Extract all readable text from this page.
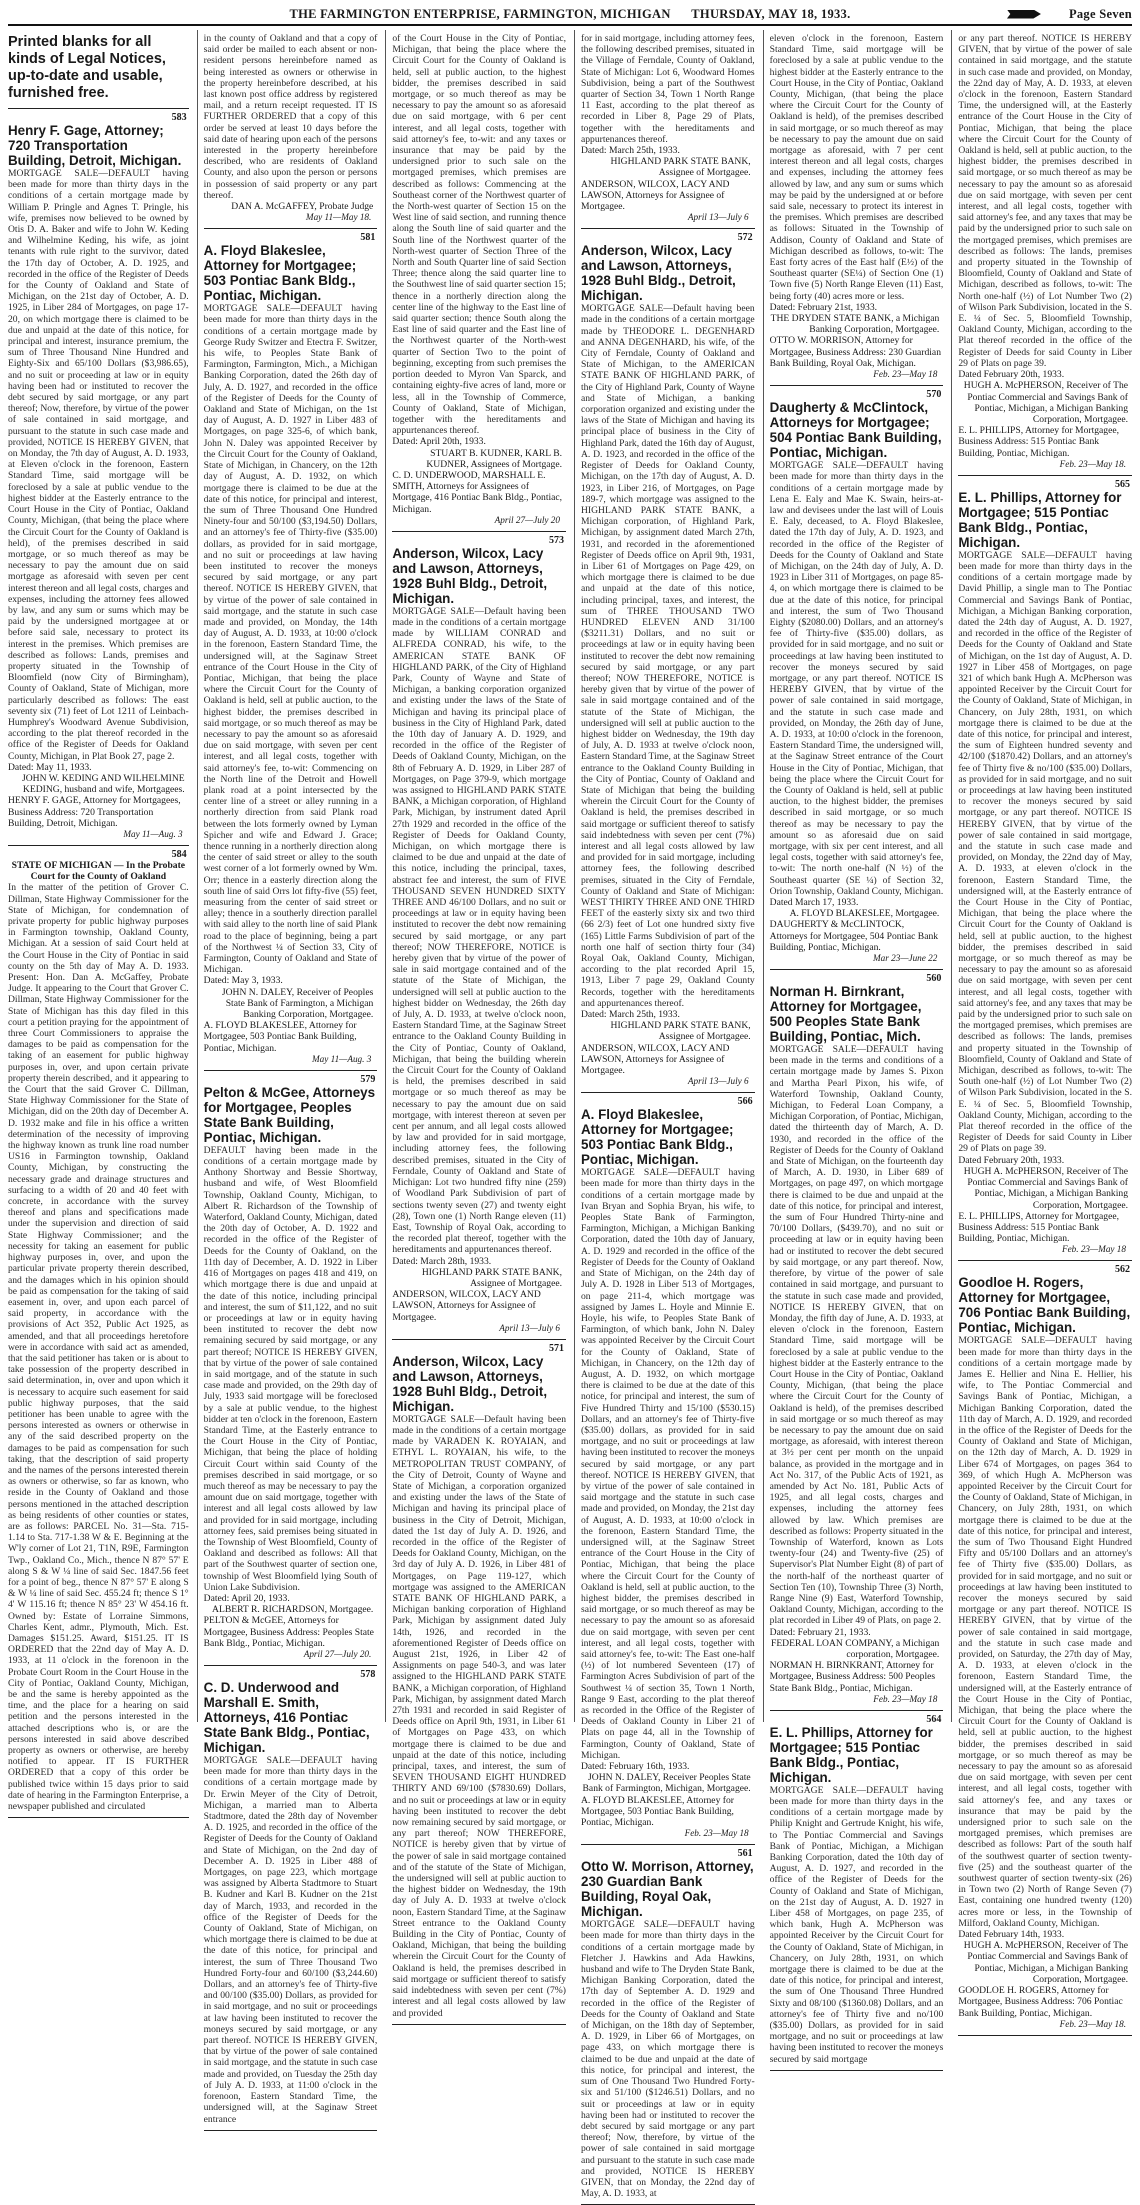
THE FARMINGTON ENTERPRISE, FARMINGTON, MICHIGAN THURSDAY, MAY 18, 1933.	Page Seven
Printed blanks for all kinds of Legal Notices, up-to-date and usable, furnished free.
583
Henry F. Gage, Attorney; 720 Transportation Building, Detroit, Michigan.
MORTGAGE SALE—DEFAULT having been made for more than thirty days in the conditions of a certain mortgage made by William P. Pringle and Agnes T. Pringle, his wife, premises now believed to be owned by Otis D. A. Baker and wife to John W. Keding and Wilhelmine Keding, his wife, as joint tenants with rule right to the survivor, dated the 17th day of October, A. D. 1925, and recorded in the office of the Register of Deeds for the County of Oakland and State of Michigan, on the 21st day of October, A. D. 1925, in Liber 284 of Mortgages, on page 17-20, on which mortgage there is claimed to be due and unpaid at the date of this notice, for principal and interest, insurance premium, the sum of Three Thousand Nine Hundred and Eighty-Six and 65/100 Dollars ($3,986.65), and no suit or proceeding at law or in equity having been had or instituted to recover the debt secured by said mortgage, or any part thereof; Now, therefore, by virtue of the power of sale contained in said mortgage, and pursuant to the statute in such case made and provided, NOTICE IS HEREBY GIVEN, that on Monday, the 7th day of August, A. D. 1933, at Eleven o'clock in the forenoon, Eastern Standard Time, said mortgage will be foreclosed by a sale at public vendue to the highest bidder at the Easterly entrance to the Court House in the City of Pontiac, Oakland County, Michigan, (that being the place where the Circuit Court for the County of Oakland is held), of the premises described in said mortgage, or so much thereof as may be necessary to pay the amount due on said mortgage as aforesaid with seven per cent interest thereon and all legal costs, charges and expenses, including the attorney fees allowed by law, and any sum or sums which may be paid by the undersigned mortgagee at or before said sale, necessary to protect its interest in the premises. Which premises are described as follows: Lands, premises and property situated in the Township of Bloomfield (now City of Birmingham), County of Oakland, State of Michigan, more particularly described as follows: The east seventy six (71) feet of Lot 1211 of Leinbach-Humphrey's Woodward Avenue Subdivision, according to the plat thereof recorded in the office of the Register of Deeds for Oakland County, Michigan, in Plat Book 27, page 2.
Dated: May 11, 1933.
JOHN W. KEDING AND WILHELMINE KEDING, husband and wife, Mortgagees.
HENRY F. GAGE, Attorney for Mortgagees, Business Address: 720 Transportation Building, Detroit, Michigan.
May 11—Aug. 3
584
STATE OF MICHIGAN — In the Probate Court for the County of Oakland
In the matter of the petition of Grover C. Dillman, State Highway Commissioner for the State of Michigan, for condemnation of private property for public highway purposes in Farmington township, Oakland County, Michigan. At a session of said Court held at the Court House in the City of Pontiac in said county on the 5th day of May A. D. 1933. Present: Hon. Dan A. McGaffey, Probate Judge. It appearing to the Court that Grover C. Dillman, State Highway Commissioner for the State of Michigan has this day filed in this court a petition praying for the appointment of three Court Commissioners to appraise the damages to be paid as compensation for the taking of an easement for public highway purposes in, over, and upon certain private property therein described, and it appearing to the Court that the said Grover C. Dillman, State Highway Commissioner for the State of Michigan, did on the 20th day of December A. D. 1932 make and file in his office a written determination of the necessity of improving the highway known as trunk line road number US16 in Farmington township, Oakland County, Michigan, by constructing the necessary grade and drainage structures and surfacing to a width of 20 and 40 feet with concrete, in accordance with the survey thereof and plans and specifications made under the supervision and direction of said State Highway Commissioner; and the necessity for taking an easement for public highway purposes in, over, and upon the particular private property therein described, and the damages which in his opinion should be paid as compensation for the taking of said easement in, over, and upon each parcel of said property, in accordance with the provisions of Act 352, Public Act 1925, as amended, and that all proceedings heretofore were in accordance with said act as amended, that the said petitioner has taken or is about to take possession of the property described in said determination, in, over and upon which it is necessary to acquire such easement for said public highway purposes, that the said petitioner has been unable to agree with the persons interested as owners or otherwise in any of the said described property on the damages to be paid as compensation for such taking, that the description of said property and the names of the persons interested therein as owners or otherwise, so far as known, who reside in the County of Oakland and those persons mentioned in the attached description as being residents of other counties or states, are as follows: PARCEL No. 31—Sta. 715-1.14 to Sta. 717-1.38 W & E. Beginning at the W'ly corner of Lot 21, T1N, R9E, Farmington Twp., Oakland Co., Mich., thence N 87° 57' E along S & W ¼ line of said Sec. 1847.56 feet for a point of beg., thence N 87° 57' E along S & W ¼ line of said Sec. 455.24 ft; thence S 1° 4' W 115.16 ft; thence N 85° 23' W 454.16 ft. Owned by: Estate of Lorraine Simmons, Charles Kent, admr., Plymouth, Mich. Est. Damages $151.25. Award, $151.25. IT IS ORDERED that the 22nd day of May A. D. 1933, at 11 o'clock in the forenoon in the Probate Court Room in the Court House in the City of Pontiac, Oakland County, Michigan, be and the same is hereby appointed as the time, and the place for a hearing on said petition and the persons interested in the attached descriptions who is, or are the persons interested in said above described property as owners or otherwise, are hereby notified to appear. IT IS FURTHER ORDERED that a copy of this order be published twice within 15 days prior to said date of hearing in the Farmington Enterprise, a newspaper published and circulated
in the county of Oakland and that a copy of said order be mailed to each absent or non-resident persons hereinbefore named as being interested as owners or otherwise in the property hereinbefore described, at his last known post office address by registered mail, and a return receipt requested. IT IS FURTHER ORDERED that a copy of this order be served at least 10 days before the said date of hearing upon each of the persons interested in the property hereinbefore described, who are residents of Oakland County, and also upon the person or persons in possession of said property or any part thereof.
DAN A. McGAFFEY, Probate Judge
May 11—May 18.
581
A. Floyd Blakeslee, Attorney for Mortgagee; 503 Pontiac Bank Bldg., Pontiac, Michigan.
MORTGAGE SALE—DEFAULT having been made for more than thirty days in the conditions of a certain mortgage made by George Rudy Switzer and Etectra F. Switzer, his wife, to Peoples State Bank of Farmington, Farmington, Mich., a Michigan Banking Corporation, dated the 26th day of July, A. D. 1927, and recorded in the office of the Register of Deeds for the County of Oakland and State of Michigan, on the 1st day of August, A. D. 1927 in Liber 483 of Mortgages, on page 325-6, of which bank, John N. Daley was appointed Receiver by the Circuit Court for the County of Oakland, State of Michigan, in Chancery, on the 12th day of August, A. D. 1932, on which mortgage there is claimed to be due at the date of this notice, for principal and interest, the sum of Three Thousand One Hundred Ninety-four and 50/100 ($3,194.50) Dollars, and an attorney's fee of Thirty-five ($35.00) dollars, as provided for in said mortgage, and no suit or proceedings at law having been instituted to recover the moneys secured by said mortgage, or any part thereof. NOTICE IS HEREBY GIVEN, that by virtue of the power of sale contained in said mortgage, and the statute in such case made and provided, on Monday, the 14th day of August, A. D. 1933, at 10:00 o'clock in the forenoon, Eastern Standard Time, the undersigned will, at the Saginaw Street entrance of the Court House in the City of Pontiac, Michigan, that being the place where the Circuit Court for the County of Oakland is held, sell at public auction, to the highest bidder, the premises described in said mortgage, or so much thereof as may be necessary to pay the amount so as aforesaid due on said mortgage, with seven per cent interest, and all legal costs, together with said attorney's fee, to-wit: Commencing on the North line of the Detroit and Howell plank road at a point intersected by the center line of a street or alley running in a northerly direction from said Plank road between the lots formerly owned by Lyman Spicher and wife and Edward J. Grace; thence running in a northerly direction along the center of said street or alley to the south west corner of a lot formerly owned by Wm. Orr; thence in a easterly direction along the south line of said Orrs lot fifty-five (55) feet, measuring from the center of said street or alley; thence in a southerly direction parallel with said alley to the north line of said Plank road to the place of beginning, being a part of the Northwest ¼ of Section 33, City of Farmington, County of Oakland and State of Michigan.
Dated: May 3, 1933.
JOHN N. DALEY, Receiver of Peoples State Bank of Farmington, a Michigan Banking Corporation, Mortgagee.
A. FLOYD BLAKESLEE, Attorney for Mortgagee, 503 Pontiac Bank Building, Pontiac, Michigan.
May 11—Aug. 3
579
Pelton & McGee, Attorneys for Mortgagee, Peoples State Bank Building, Pontiac, Michigan.
DEFAULT having been made in the conditions of a certain mortgage made by Anthony Shortway and Bessie Shortway, husband and wife, of West Bloomfield Township, Oakland County, Michigan, to Albert R. Richardson of the Township of Waterford, Oakland County, Michigan, dated the 20th day of October, A. D. 1922 and recorded in the office of the Register of Deeds for the County of Oakland, on the 11th day of December, A. D. 1922 in Liber 416 of Mortgages on pages 418 and 419, on which mortgage there is due and unpaid at the date of this notice, including principal and interest, the sum of $11,122, and no suit or proceedings at law or in equity having been instituted to recover the debt now remaining secured by said mortgage, or any part thereof; NOTICE IS HEREBY GIVEN, that by virtue of the power of sale contained in said mortgage, and of the statute in such case made and provided, on the 29th day of July, 1933 said mortgage will be foreclosed by a sale at public vendue, to the highest bidder at ten o'clock in the forenoon, Eastern Standard Time, at the Easterly entrance to the Court House in the City of Pontiac, Michigan, that being the place of holding Circuit Court within said County of the premises described in said mortgage, or so much thereof as may be necessary to pay the amount due on said mortgage, together with interest and all legal costs allowed by law and provided for in said mortgage, including attorney fees, said premises being situated in the Township of West Bloomfield, County of Oakland and described as follows: All that part of the Southwest quarter of section one, township of West Bloomfield lying South of Union Lake Subdivision.
Dated: April 20, 1933.
ALBERT R. RICHARDSON, Mortgagee.
PELTON & McGEE, Attorneys for Mortgagee, Business Address: Peoples State Bank Bldg., Pontiac, Michigan.
April 27—July 20.
578
C. D. Underwood and Marshall E. Smith, Attorneys, 416 Pontiac State Bank Bldg., Pontiac, Michigan.
MORTGAGE SALE—DEFAULT having been made for more than thirty days in the conditions of a certain mortgage made by Dr. Erwin Meyer of the City of Detroit, Michigan, a married man to Alberta Stadtmore, dated the 28th day of November A. D. 1925, and recorded in the office of the Register of Deeds for the County of Oakland and State of Michigan, on the 2nd day of December A. D. 1925 in Liber 488 of Mortgages, on page 223, which mortgage was assigned by Alberta Stadtmore to Stuart B. Kudner and Karl B. Kudner on the 21st day of March, 1933, and recorded in the office of the Register of Deeds for the County of Oakland, State of Michigan, on which mortgage there is claimed to be due at the date of this notice, for principal and interest, the sum of Three Thousand Two Hundred Forty-four and 60/100 ($3,244.60) Dollars, and an attorney's fee of Thirty-five and 00/100 ($35.00) Dollars, as provided for in said mortgage, and no suit or proceedings at law having been instituted to recover the moneys secured by said mortgage, or any part thereof. NOTICE IS HEREBY GIVEN, that by virtue of the power of sale contained in said mortgage, and the statute in such case made and provided, on Tuesday the 25th day of July A. D. 1933, at 11:00 o'clock in the forenoon, Eastern Standard Time, the undersigned will, at the Saginaw Street entrance
of the Court House in the City of Pontiac, Michigan, that being the place where the Circuit Court for the County of Oakland is held, sell at public auction, to the highest bidder, the premises described in said mortgage, or so much thereof as may be necessary to pay the amount so as aforesaid due on said mortgage, with 6 per cent interest, and all legal costs, together with said attorney's fee, to-wit: and any taxes or insurance that may be paid by the undersigned prior to such sale on the mortgaged premises, which premises are described as follows: Commencing at the Southeast corner of the Northwest quarter of the North-west quarter of Section 15 on the West line of said section, and running thence along the South line of said quarter and the South line of the Northwest quarter of the North-west quarter of Section Three of the North and South Quarter line of said Section Three; thence along the said quarter line to the Southwest line of said quarter section 15; thence in a northerly direction along the center line of the highway to the East line of said quarter section; thence South along the East line of said quarter and the East line of the Northwest quarter of the North-west quarter of Section Two to the point of beginning, excepting from such premises the portion deeded to Myron Van Sparck, and containing eighty-five acres of land, more or less, all in the Township of Commerce, County of Oakland, State of Michigan, together with the hereditaments and appurtenances thereof.
Dated: April 20th, 1933.
STUART B. KUDNER, KARL B. KUDNER, Assignees of Mortgage.
C. D. UNDERWOOD, MARSHALL E. SMITH, Attorneys for Assignees of Mortgage, 416 Pontiac Bank Bldg., Pontiac, Michigan.
April 27—July 20
573
Anderson, Wilcox, Lacy and Lawson, Attorneys, 1928 Buhl Bldg., Detroit, Michigan.
MORTGAGE SALE—Default having been made in the conditions of a certain mortgage made by WILLIAM CONRAD and ALFREDA CONRAD, his wife, to the AMERICAN STATE BANK OF HIGHLAND PARK, of the City of Highland Park, County of Wayne and State of Michigan, a banking corporation organized and existing under the laws of the State of Michigan and having its principal place of business in the City of Highland Park, dated the 10th day of January A. D. 1929, and recorded in the office of the Register of Deeds of Oakland County, Michigan, on the 8th of February A. D. 1929, in Liber 287 of Mortgages, on Page 379-9, which mortgage was assigned to HIGHLAND PARK STATE BANK, a Michigan corporation, of Highland Park, Michigan, by instrument dated April 27th 1929 and recorded in the office of the Register of Deeds for Oakland County, Michigan, on which mortgage there is claimed to be due and unpaid at the date of this notice, including the principal, taxes, abstract fee and interest, the sum of FIVE THOUSAND SEVEN HUNDRED SIXTY THREE AND 46/100 Dollars, and no suit or proceedings at law or in equity having been instituted to recover the debt now remaining secured by said mortgage, or any part thereof; NOW THEREFORE, NOTICE is hereby given that by virtue of the power of sale in said mortgage contained and of the statute of the State of Michigan, the undersigned will sell at public auction to the highest bidder on Wednesday, the 26th day of July, A. D. 1933, at twelve o'clock noon, Eastern Standard Time, at the Saginaw Street entrance to the Oakland County Building in the City of Pontiac, County of Oakland, Michigan, that being the building wherein the Circuit Court for the County of Oakland is held, the premises described in said mortgage or so much thereof as may be necessary to pay the amount due on said mortgage, with interest thereon at seven per cent per annum, and all legal costs allowed by law and provided for in said mortgage, including attorney fees, the following described premises, situated in the City of Ferndale, County of Oakland and State of Michigan: Lot two hundred fifty nine (259) of Woodland Park Subdivision of part of sections twenty seven (27) and twenty eight (28), Town one (1) North Range eleven (11) East, Township of Royal Oak, according to the recorded plat thereof, together with the hereditaments and appurtenances thereof.
Dated: March 28th, 1933.
HIGHLAND PARK STATE BANK, Assignee of Mortgagee.
ANDERSON, WILCOX, LACY AND LAWSON, Attorneys for Assignee of Mortgagee.
April 13—July 6
571
Anderson, Wilcox, Lacy and Lawson, Attorneys, 1928 Buhl Bldg., Detroit, Michigan.
MORTGAGE SALE—Default having been made in the conditions of a certain mortgage made by VARADEN K. ROYAIAN, and ETHYL L. ROYAIAN, his wife, to the METROPOLITAN TRUST COMPANY, of the City of Detroit, County of Wayne and State of Michigan, a corporation organized and existing under the laws of the State of Michigan and having its principal place of business in the City of Detroit, Michigan, dated the 1st day of July A. D. 1926, and recorded in the office of the Register of Deeds for Oakland County, Michigan, on the 3rd day of July A. D. 1926, in Liber 481 of Mortgages, on Page 119-127, which mortgage was assigned to the AMERICAN STATE BANK OF HIGHLAND PARK, a Michigan banking corporation of Highland Park, Michigan by assignment dated July 14th, 1926, and recorded in the aforementioned Register of Deeds office on August 21st, 1926, in Liber 42 of Assignments on page 540-3, and was later assigned to the HIGHLAND PARK STATE BANK, a Michigan corporation, of Highland Park, Michigan, by assignment dated March 27th 1931 and recorded in said Register of Deeds office on April 9th, 1931, in Liber 61 of Mortgages on Page 433, on which mortgage there is claimed to be due and unpaid at the date of this notice, including principal, taxes, and interest, the sum of SEVEN THOUSAND EIGHT HUNDRED THIRTY AND 69/100 ($7830.69) Dollars, and no suit or proceedings at law or in equity having been instituted to recover the debt now remaining secured by said mortgage, or any part thereof; NOW THEREFORE, NOTICE is hereby given that by virtue of the power of sale in said mortgage contained and of the statute of the State of Michigan, the undersigned will sell at public auction to the highest bidder on Wednesday, the 19th day of July A. D. 1933 at twelve o'clock noon, Eastern Standard Time, at the Saginaw Street entrance to the Oakland County Building in the City of Pontiac, County of Oakland, Michigan, that being the building wherein the Circuit Court for the County of Oakland is held, the premises described in said mortgage or sufficient thereof to satisfy said indebtedness with seven per cent (7%) interest and all legal costs allowed by law and provided
for in said mortgage, including attorney fees, the following described premises, situated in the Village of Ferndale, County of Oakland, State of Michigan: Lot 6, Woodward Homes Subdivision, being a part of the Southwest quarter of Section 34, Town 1 North Range 11 East, according to the plat thereof as recorded in Liber 8, Page 29 of Plats, together with the hereditaments and appurtenances thereof.
Dated: March 25th, 1933.
HIGHLAND PARK STATE BANK, Assignee of Mortgagee.
ANDERSON, WILCOX, LACY AND LAWSON, Attorneys for Assignee of Mortgagee.
April 13—July 6
572
Anderson, Wilcox, Lacy and Lawson, Attorneys, 1928 Buhl Bldg., Detroit, Michigan.
MORTGAGE SALE—Default having been made in the conditions of a certain mortgage made by THEODORE L. DEGENHARD and ANNA DEGENHARD, his wife, of the City of Ferndale, County of Oakland and State of Michigan, to the AMERICAN STATE BANK OF HIGHLAND PARK, of the City of Highland Park, County of Wayne and State of Michigan, a banking corporation organized and existing under the laws of the State of Michigan and having its principal place of business in the City of Highland Park, dated the 16th day of August, A. D. 1923, and recorded in the office of the Register of Deeds for Oakland County, Michigan, on the 17th day of August, A. D. 1923, in Liber 216, of Mortgages, on Page 189-7, which mortgage was assigned to the HIGHLAND PARK STATE BANK, a Michigan corporation, of Highland Park, Michigan, by assignment dated March 27th, 1931, and recorded in the aforementioned Register of Deeds office on April 9th, 1931, in Liber 61 of Mortgages on Page 429, on which mortgage there is claimed to be due and unpaid at the date of this notice, including principal, taxes, and interest, the sum of THREE THOUSAND TWO HUNDRED ELEVEN AND 31/100 ($3211.31) Dollars, and no suit or proceedings at law or in equity having been instituted to recover the debt now remaining secured by said mortgage, or any part thereof; NOW THEREFORE, NOTICE is hereby given that by virtue of the power of sale in said mortgage contained and of the statute of the State of Michigan, the undersigned will sell at public auction to the highest bidder on Wednesday, the 19th day of July, A. D. 1933 at twelve o'clock noon, Eastern Standard Time, at the Saginaw Street entrance to the Oakland County Building in the City of Pontiac, County of Oakland and State of Michigan that being the building wherein the Circuit Court for the County of Oakland is held, the premises described in said mortgage or sufficient thereof to satisfy said indebtedness with seven per cent (7%) interest and all legal costs allowed by law and provided for in said mortgage, including attorney fees, the following described premises, situated in the City of Ferndale, County of Oakland and State of Michigan: WEST THIRTY THREE AND ONE THIRD FEET of the easterly sixty six and two third (66 2/3) feet of Lot one hundred sixty five (165) Little Farms Subdivision of part of the north one half of section thirty four (34) Royal Oak, Oakland County, Michigan, according to the plat recorded April 15, 1913, Liber 7 page 29, Oakland County Records, together with the hereditaments and appurtenances thereof.
Dated: March 25th, 1933.
HIGHLAND PARK STATE BANK, Assignee of Mortgagee.
ANDERSON, WILCOX, LACY AND LAWSON, Attorneys for Assignee of Mortgagee.
April 13—July 6
566
A. Floyd Blakeslee, Attorney for Mortgagee; 503 Pontiac Bank Bldg., Pontiac, Michigan.
MORTGAGE SALE—DEFAULT having been made for more than thirty days in the conditions of a certain mortgage made by Ivan Bryan and Sophia Bryan, his wife, to Peoples State Bank of Farmington, Farmington, Michigan, a Michigan Banking Corporation, dated the 10th day of January, A. D. 1929 and recorded in the office of the Register of Deeds for the County of Oakland and State of Michigan, on the 24th day of July A. D. 1928 in Liber 513 of Mortgages, on page 211-4, which mortgage was assigned by James L. Hoyle and Minnie E. Hoyle, his wife, to Peoples State Bank of Farmington, of which bank, John N. Daley was appointed Receiver by the Circuit Court for the County of Oakland, State of Michigan, in Chancery, on the 12th day of August, A. D. 1932, on which mortgage there is claimed to be due at the date of this notice, for principal and interest, the sum of Five Hundred Thirty and 15/100 ($530.15) Dollars, and an attorney's fee of Thirty-five ($35.00) dollars, as provided for in said mortgage, and no suit or proceedings at law having been instituted to recover the moneys secured by said mortgage, or any part thereof. NOTICE IS HEREBY GIVEN, that by virtue of the power of sale contained in said mortgage and the statute in such case made and provided, on Monday, the 21st day of August, A. D. 1933, at 10:00 o'clock in the forenoon, Eastern Standard Time, the undersigned will, at the Saginaw Street entrance of the Court House in the City of Pontiac, Michigan, that being the place where the Circuit Court for the County of Oakland is held, sell at public auction, to the highest bidder, the premises described in said mortgage, or so much thereof as may be necessary to pay the amount so as aforesaid due on said mortgage, with seven per cent interest, and all legal costs, together with said attorney's fee, to-wit: The East one-half (½) of lot numbered Seventeen (17) of Farmington Acres Subdivision of part of the Southwest ¼ of section 35, Town 1 North, Range 9 East, according to the plat thereof as recorded in the Office of the Register of Deeds of Oakland County in Liber 21 of Plats on page 44, all in the Township of Farmington, County of Oakland, State of Michigan.
Dated: February 16th, 1933.
JOHN N. DALEY, Receiver Peoples State Bank of Farmington, Michigan, Mortgagee.
A. FLOYD BLAKESLEE, Attorney for Mortgagee, 503 Pontiac Bank Building, Pontiac, Michigan.
Feb. 23—May 18
561
Otto W. Morrison, Attorney, 230 Guardian Bank Building, Royal Oak, Michigan.
MORTGAGE SALE—DEFAULT having been made for more than thirty days in the conditions of a certain mortgage made by Fletcher J. Hawkins and Ada Hawkins, husband and wife to The Dryden State Bank, Michigan Banking Corporation, dated the 17th day of September A. D. 1929 and recorded in the office of the Register of Deeds for the County of Oakland and State of Michigan, on the 18th day of September, A. D. 1929, in Liber 66 of Mortgages, on page 433, on which mortgage there is claimed to be due and unpaid at the date of this notice, for principal and interest, the sum of One Thousand Two Hundred Forty-six and 51/100 ($1246.51) Dollars, and no suit or proceedings at law or in equity having been had or instituted to recover the debt secured by said mortgage or any part thereof; Now, therefore, by virtue of the power of sale contained in said mortgage and pursuant to the statute in such case made and provided, NOTICE IS HEREBY GIVEN, that on Monday, the 22nd day of May, A. D. 1933, at
eleven o'clock in the forenoon, Eastern Standard Time, said mortgage will be foreclosed by a sale at public vendue to the highest bidder at the Easterly entrance to the Court House, in the City of Pontiac, Oakland County, Michigan, (that being the place where the Circuit Court for the County of Oakland is held), of the premises described in said mortgage, or so much thereof as may be necessary to pay the amount due on said mortgage as aforesaid, with 7 per cent interest thereon and all legal costs, charges and expenses, including the attorney fees allowed by law, and any sum or sums which may be paid by the undersigned at or before said sale, necessary to protect its interest in the premises. Which premises are described as follows: Situated in the Township of Addison, County of Oakland and State of Michigan described as follows, to-wit: The East forty acres of the East half (E½) of the Southeast quarter (SE¼) of Section One (1) Town five (5) North Range Eleven (11) East, being forty (40) acres more or less.
Dated: February 21st, 1933.
THE DRYDEN STATE BANK, a Michigan Banking Corporation, Mortgagee.
OTTO W. MORRISON, Attorney for Mortgagee, Business Address: 230 Guardian Bank Building, Royal Oak, Michigan.
Feb. 23—May 18
570
Daugherty & McClintock, Attorneys for Mortgagee; 504 Pontiac Bank Building, Pontiac, Michigan.
MORTGAGE SALE—DEFAULT having been made for more than thirty days in the conditions of a certain mortgage made by Lena E. Ealy and Mae K. Swain, heirs-at-law and devisees under the last will of Louis E. Ealy, deceased, to A. Floyd Blakeslee, dated the 17th day of July, A. D. 1923, and recorded in the office of the Register of Deeds for the County of Oakland and State of Michigan, on the 24th day of July, A. D. 1923 in Liber 311 of Mortgages, on page 85-4, on which mortgage there is claimed to be due at the date of this notice, for principal and interest, the sum of Two Thousand Eighty ($2080.00) Dollars, and an attorney's fee of Thirty-five ($35.00) dollars, as provided for in said mortgage, and no suit or proceedings at law having been instituted to recover the moneys secured by said mortgage, or any part thereof. NOTICE IS HEREBY GIVEN, that by virtue of the power of sale contained in said mortgage, and the statute in such case made and provided, on Monday, the 26th day of June, A. D. 1933, at 10:00 o'clock in the forenoon, Eastern Standard Time, the undersigned will, at the Saginaw Street entrance of the Court House in the City of Pontiac, Michigan, that being the place where the Circuit Court for the County of Oakland is held, sell at public auction, to the highest bidder, the premises described in said mortgage, or so much thereof as may be necessary to pay the amount so as aforesaid due on said mortgage, with six per cent interest, and all legal costs, together with said attorney's fee, to-wit: The north one-half (N ½) of the Southeast quarter (SE ¼) of Section 32, Orion Township, Oakland County, Michigan.
Dated March 17, 1933.
A. FLOYD BLAKESLEE, Mortgagee.
DAUGHERTY & McCLINTOCK, Attorneys for Mortgagee, 504 Pontiac Bank Building, Pontiac, Michigan.
Mar 23—June 22
560
Norman H. Birnkrant, Attorney for Mortgagee, 500 Peoples State Bank Building, Pontiac, Mich.
MORTGAGE SALE—DEFAULT having been made in the terms and conditions of a certain mortgage made by James S. Pixon and Martha Pearl Pixon, his wife, of Waterford Township, Oakland County, Michigan, to Federal Loan Company, a Michigan Corporation, of Pontiac, Michigan, dated the thirteenth day of March, A. D. 1930, and recorded in the office of the Register of Deeds for the County of Oakland and State of Michigan, on the fourteenth day of March, A. D. 1930, in Liber 689 of Mortgages, on page 497, on which mortgage there is claimed to be due and unpaid at the date of this notice, for principal and interest, the sum of Four Hundred Thirty-nine and 70/100 Dollars, ($439.70), and no suit or proceeding at law or in equity having been had or instituted to recover the debt secured by said mortgage, or any part thereof. Now, therefore, by virtue of the power of sale contained in said mortgage, and pursuant to the statute in such case made and provided, NOTICE IS HEREBY GIVEN, that on Monday, the fifth day of June, A. D. 1933, at eleven o'clock in the forenoon, Eastern Standard Time, said mortgage will be foreclosed by a sale at public vendue to the highest bidder at the Easterly entrance to the Court House in the City of Pontiac, Oakland County, Michigan, (that being the place where the Circuit Court for the County of Oakland is held), of the premises described in said mortgage or so much thereof as may be necessary to pay the amount due on said mortgage, as aforesaid, with interest thereon at 3½ per cent per month on the unpaid balance, as provided in the mortgage and in Act No. 317, of the Public Acts of 1921, as amended by Act No. 181, Public Acts of 1925, and all legal costs, charges and expenses, including the attorney fees allowed by law. Which premises are described as follows: Property situated in the Township of Waterford, known as Lots twenty-four (24) and Twenty-five (25) of Supervisor's Plat Number Eight (8) of part of the north-half of the northeast quarter of Section Ten (10), Township Three (3) North, Range Nine (9) East, Waterford Township, Oakland County, Michigan, according to the plat recorded in Liber 49 of Plats, on page 2.
Dated: February 21, 1933.
FEDERAL LOAN COMPANY, a Michigan corporation, Mortgagee.
NORMAN H. BIRNKRANT, Attorney for Mortgagee, Business Address: 500 Peoples State Bank Bldg., Pontiac, Michigan.
Feb. 23—May 18
564
E. L. Phillips, Attorney for Mortgagee; 515 Pontiac Bank Bldg., Pontiac, Michigan.
MORTGAGE SALE—DEFAULT having been made for more than thirty days in the conditions of a certain mortgage made by Philip Knight and Gertrude Knight, his wife, to The Pontiac Commercial and Savings Bank of Pontiac, Michigan, a Michigan Banking Corporation, dated the 10th day of August, A. D. 1927, and recorded in the office of the Register of Deeds for the County of Oakland and State of Michigan, on the 21st day of August, A. D. 1927 in Liber 458 of Mortgages, on page 235, of which bank, Hugh A. McPherson was appointed Receiver by the Circuit Court for the County of Oakland, State of Michigan, in Chancery, on July 28th, 1931, on which mortgage there is claimed to be due at the date of this notice, for principal and interest, the sum of One Thousand Three Hundred Sixty and 08/100 ($1360.08) Dollars, and an attorney's fee of Thirty five and no/100 ($35.00) Dollars, as provided for in said mortgage, and no suit or proceedings at law having been instituted to recover the moneys secured by said mortgage
or any part thereof. NOTICE IS HEREBY GIVEN, that by virtue of the power of sale contained in said mortgage, and the statute in such case made and provided, on Monday, the 22nd day of May, A. D. 1933, at eleven o'clock in the forenoon, Eastern Standard Time, the undersigned will, at the Easterly entrance of the Court House in the City of Pontiac, Michigan, that being the place where the Circuit Court for the County of Oakland is held, sell at public auction, to the highest bidder, the premises described in said mortgage, or so much thereof as may be necessary to pay the amount so as aforesaid due on said mortgage, with seven per cent interest, and all legal costs, together with said attorney's fee, and any taxes that may be paid by the undersigned prior to such sale on the mortgaged premises, which premises are described as follows: The lands, premises and property situated in the Township of Bloomfield, County of Oakland and State of Michigan, described as follows, to-wit: The North one-half (½) of Lot Number Two (2) of Wilson Park Subdivision, located in the S. E. ¼ of Sec. 5, Bloomfield Township, Oakland County, Michigan, according to the Plat thereof recorded in the office of the Register of Deeds for said County in Liber 29 of Plats on page 39.
Dated February 20th, 1933.
HUGH A. McPHERSON, Receiver of The Pontiac Commercial and Savings Bank of Pontiac, Michigan, a Michigan Banking Corporation, Mortgagee.
E. L. PHILLIPS, Attorney for Mortgagee, Business Address: 515 Pontiac Bank Building, Pontiac, Michigan.
Feb. 23—May 18.
565
E. L. Phillips, Attorney for Mortgagee; 515 Pontiac Bank Bldg., Pontiac, Michigan.
MORTGAGE SALE—DEFAULT having been made for more than thirty days in the conditions of a certain mortgage made by David Phillip, a single man to The Pontiac Commercial and Savings Bank of Pontiac, Michigan, a Michigan Banking corporation, dated the 24th day of August, A. D. 1927, and recorded in the office of the Register of Deeds for the County of Oakland and State of Michigan, on the 1st day of August, A. D. 1927 in Liber 458 of Mortgages, on page 321 of which bank Hugh A. McPherson was appointed Receiver by the Circuit Court for the County of Oakland, State of Michigan, in Chancery, on July 28th, 1931, on which mortgage there is claimed to be due at the date of this notice, for principal and interest, the sum of Eighteen hundred seventy and 42/100 ($1870.42) Dollars, and an attorney's fee of Thirty five & no/100 ($35.00) Dollars, as provided for in said mortgage, and no suit or proceedings at law having been instituted to recover the moneys secured by said mortgage, or any part thereof. NOTICE IS HEREBY GIVEN, that by virtue of the power of sale contained in said mortgage, and the statute in such case made and provided, on Monday, the 22nd day of May, A. D. 1933, at eleven o'clock in the forenoon, Eastern Standard Time, the undersigned will, at the Easterly entrance of the Court House in the City of Pontiac, Michigan, that being the place where the Circuit Court for the County of Oakland is held, sell at public auction, to the highest bidder, the premises described in said mortgage, or so much thereof as may be necessary to pay the amount so as aforesaid due on said mortgage, with seven per cent interest, and all legal costs, together with said attorney's fee, and any taxes that may be paid by the undersigned prior to such sale on the mortgaged premises, which premises are described as follows: The lands, premises and property situated in the Township of Bloomfield, County of Oakland and State of Michigan, described as follows, to-wit: The South one-half (½) of Lot Number Two (2) of Wilson Park Subdivision, located in the S. E. ¼ of Sec. 5, Bloomfield Township, Oakland County, Michigan, according to the Plat thereof recorded in the office of the Register of Deeds for said County in Liber 29 of Plats on page 39.
Dated February 20th, 1933.
HUGH A. McPHERSON, Receiver of The Pontiac Commercial and Savings Bank of Pontiac, Michigan, a Michigan Banking Corporation, Mortgagee.
E. L. PHILLIPS, Attorney for Mortgagee, Business Address: 515 Pontiac Bank Building, Pontiac, Michigan.
Feb. 23—May 18
562
Goodloe H. Rogers, Attorney for Mortgagee, 706 Pontiac Bank Building, Pontiac, Michigan.
MORTGAGE SALE—DEFAULT having been made for more than thirty days in the conditions of a certain mortgage made by James E. Hellier and Nina E. Hellier, his wife, to The Pontiac Commercial and Savings Bank of Pontiac, Michigan, a Michigan Banking Corporation, dated the 11th day of March, A. D. 1929, and recorded in the office of the Register of Deeds for the County of Oakland and State of Michigan, on the 12th day of March, A. D. 1929 in Liber 674 of Mortgages, on pages 364 to 369, of which Hugh A. McPherson was appointed Receiver by the Circuit Court for the County of Oakland, State of Michigan, in Chancery, on July 28th, 1931, on which mortgage there is claimed to be due at the date of this notice, for principal and interest, the sum of Two Thousand Eight Hundred Fifty and 05/100 Dollars and an attorney's fee of Thirty five ($35.00) Dollars, as provided for in said mortgage, and no suit or proceedings at law having been instituted to recover the moneys secured by said mortgage or any part thereof. NOTICE IS HEREBY GIVEN, that by virtue of the power of sale contained in said mortgage, and the statute in such case made and provided, on Saturday, the 27th day of May, A. D. 1933, at eleven o'clock in the forenoon, Eastern Standard Time, the undersigned will, at the Easterly entrance of the Court House in the City of Pontiac, Michigan, that being the place where the Circuit Court for the County of Oakland is held, sell at public auction, to the highest bidder, the premises described in said mortgage, or so much thereof as may be necessary to pay the amount so as aforesaid due on said mortgage, with seven per cent interest, and all legal costs, together with said attorney's fee, and any taxes or insurance that may be paid by the undersigned prior to such sale on the mortgaged premises, which premises are described as follows: Part of the south half of the southwest quarter of section twenty-five (25) and the southeast quarter of the southwest quarter of section twenty-six (26) in Town two (2) North of Range Seven (7) East, containing one hundred twenty (120) acres more or less, in the Township of Milford, Oakland County, Michigan.
Dated February 14th, 1933.
HUGH A. McPHERSON, Receiver of The Pontiac Commercial and Savings Bank of Pontiac, Michigan, a Michigan Banking Corporation, Mortgagee.
GOODLOE H. ROGERS, Attorney for Mortgagee, Business Address: 706 Pontiac Bank Building, Pontiac, Michigan.
Feb. 23—May 18.
